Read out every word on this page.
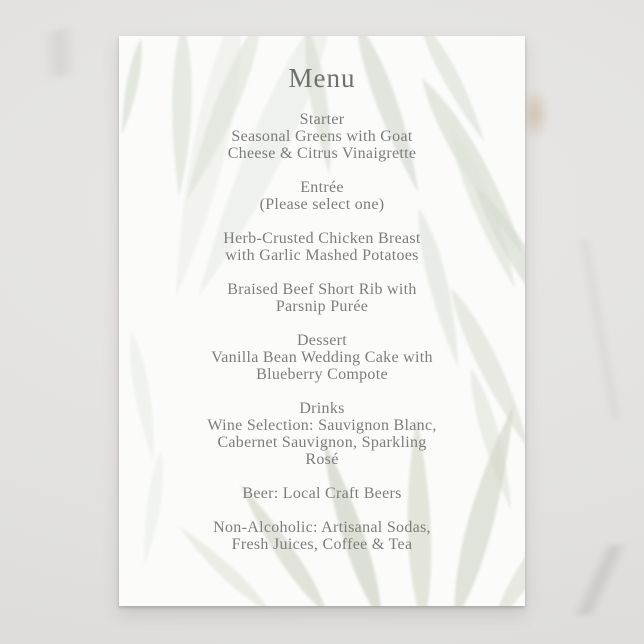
Menu

Starter
Seasonal Greens with Goat
Cheese & Citrus Vinaigrette

Entrée
(Please select one)

Herb-Crusted Chicken Breast
with Garlic Mashed Potatoes

Braised Beef Short Rib with
Parsnip Purée

Dessert
Vanilla Bean Wedding Cake with
Blueberry Compote

Drinks
Wine Selection: Sauvignon Blanc,
Cabernet Sauvignon, Sparkling
Rosé

Beer: Local Craft Beers

Non-Alcoholic: Artisanal Sodas,
Fresh Juices, Coffee & Tea
